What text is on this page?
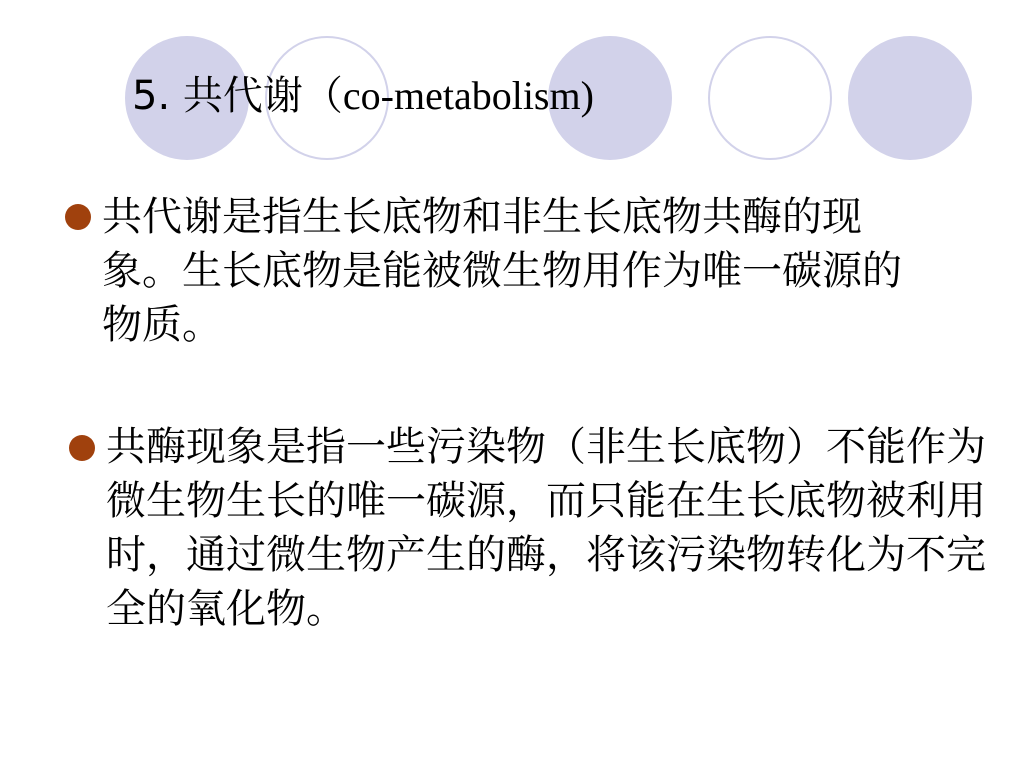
5. 共代谢（co-metabolism)

共代谢是指生长底物和非生长底物共酶的现象。生长底物是能被微生物用作为唯一碳源的物质。

共酶现象是指一些污染物（非生长底物）不能作为微生物生长的唯一碳源，而只能在生长底物被利用时，通过微生物产生的酶，将该污染物转化为不完全的氧化物。
